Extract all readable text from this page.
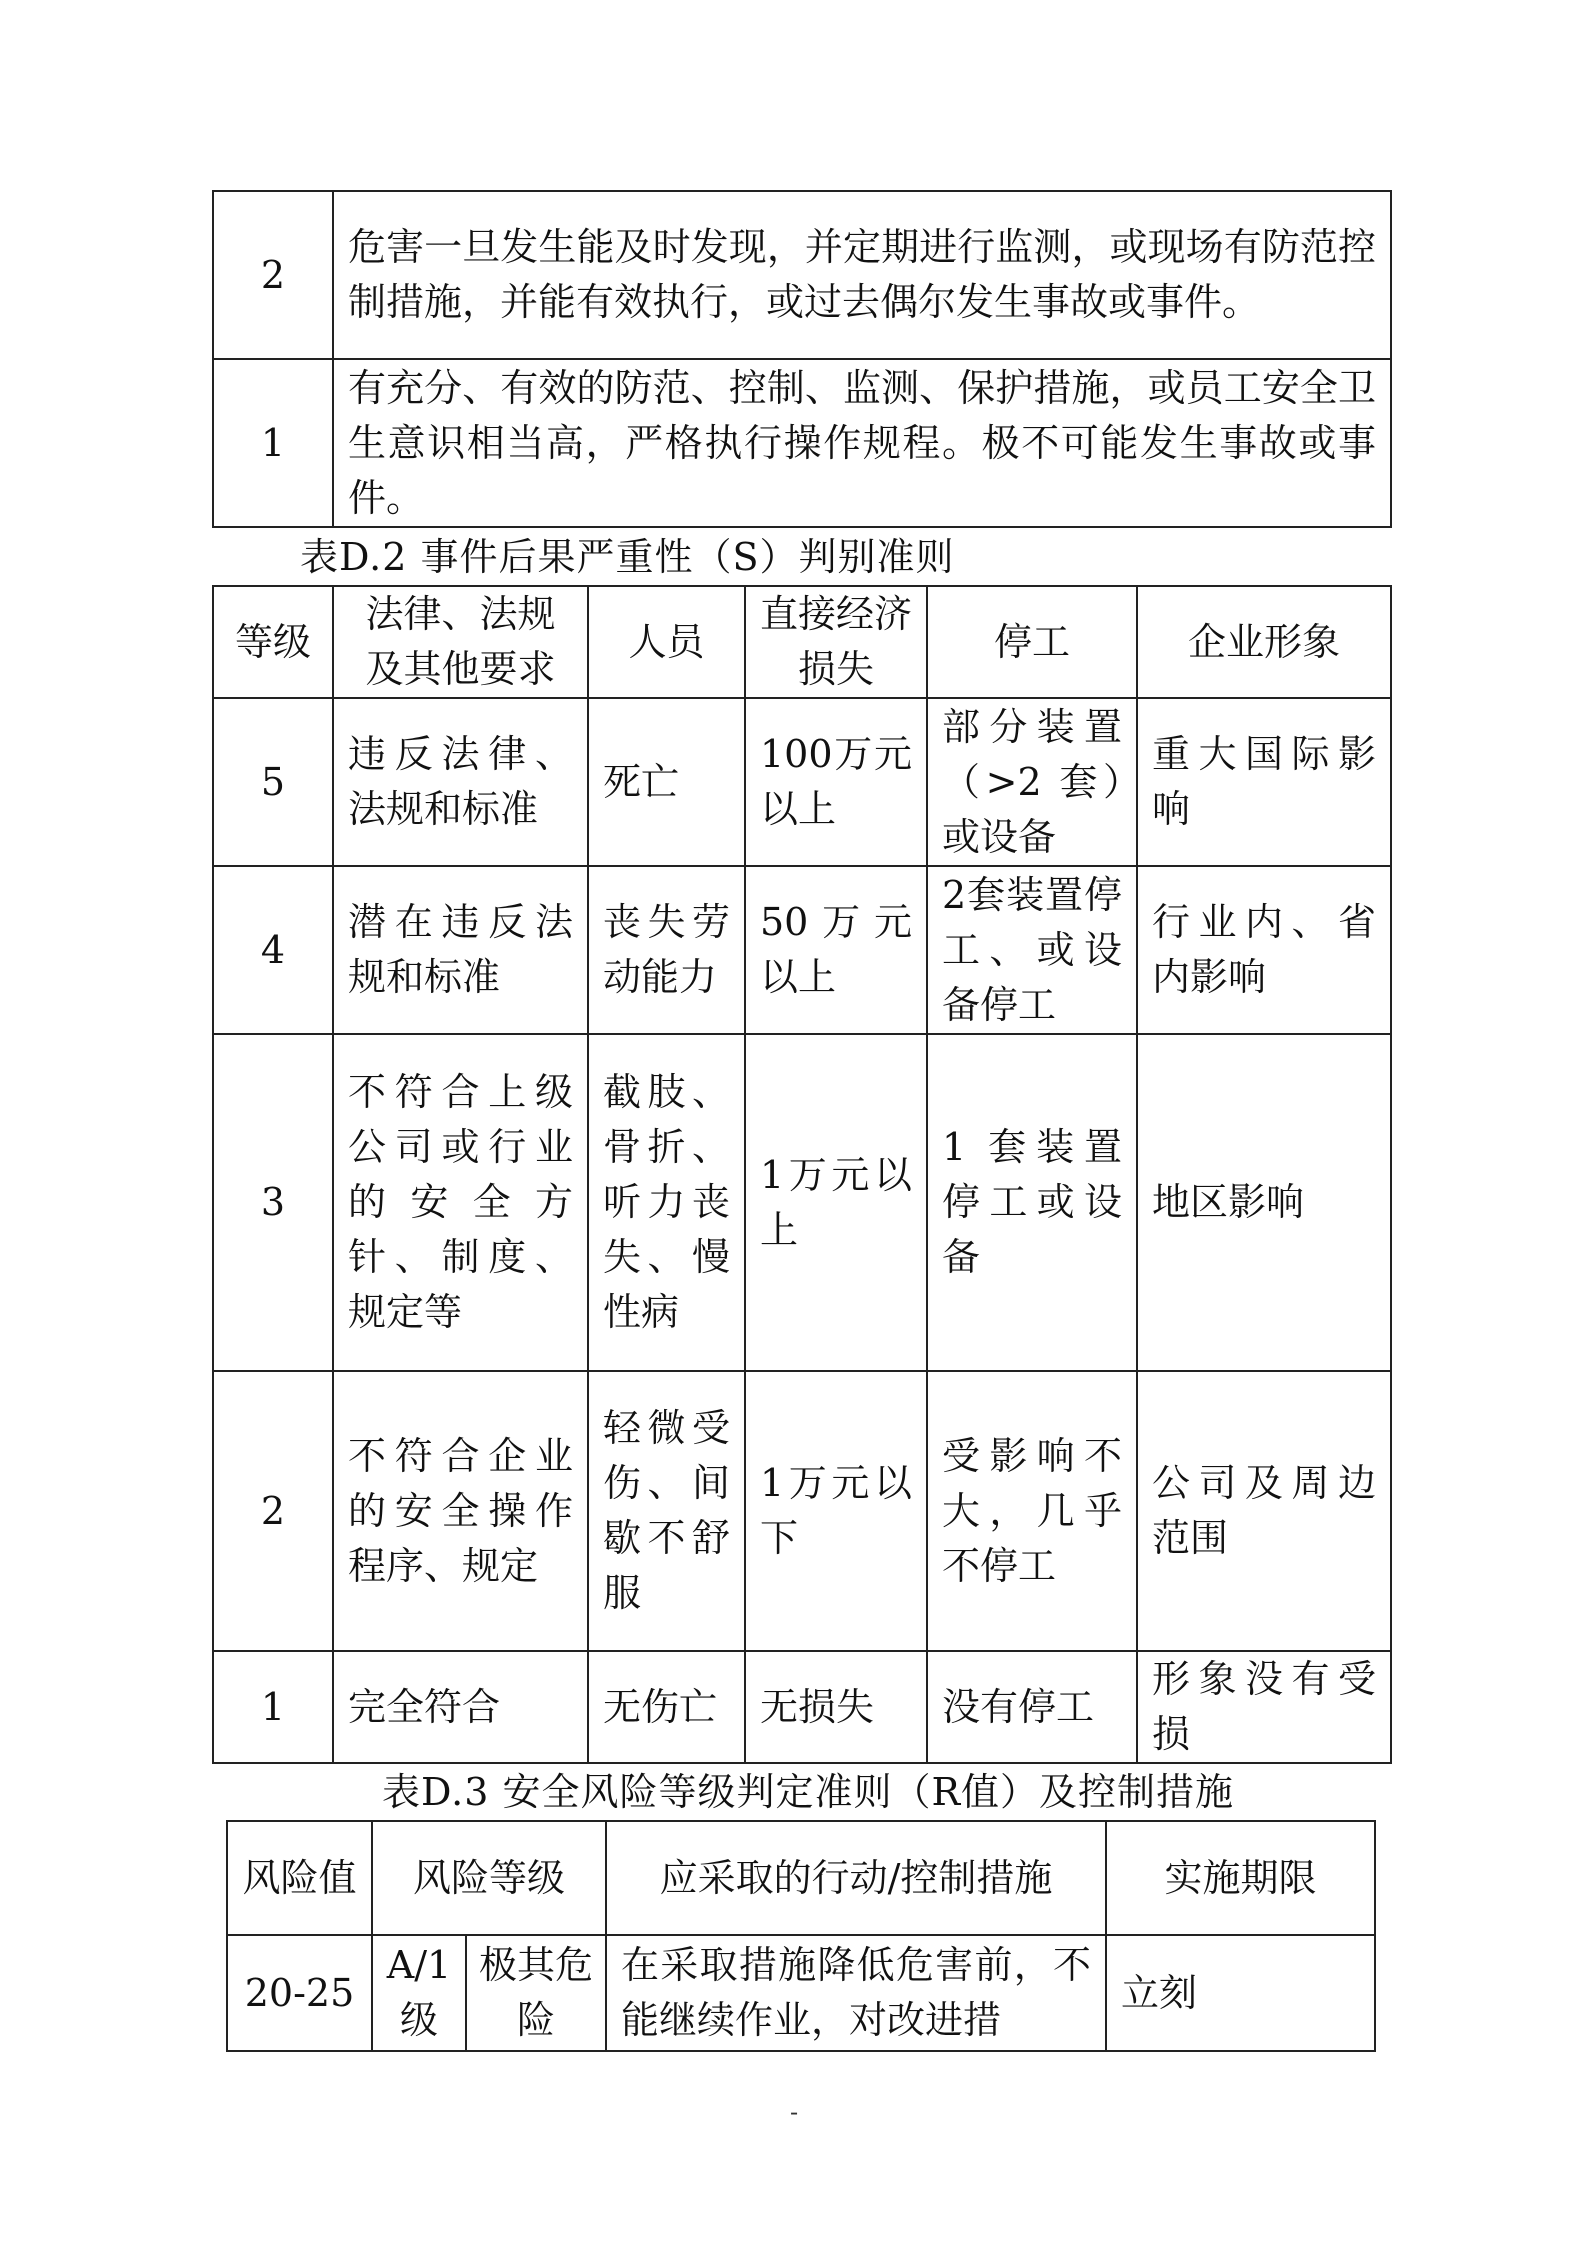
2	危害一旦发生能及时发现，并定期进行监测，或现场有防范控制措施，并能有效执行，或过去偶尔发生事故或事件。
1	有充分、有效的防范、控制、监测、保护措施，或员工安全卫生意识相当高，严格执行操作规程。极不可能发生事故或事件。
表D.2 事件后果严重性（S）判别准则
等级	法律、法规及其他要求	人员	直接经济损失	停工	企业形象
5	违反法律、法规和标准	死亡	100万元以上	部分装置（>2 套）或设备	重大国际影响
4	潜在违反法规和标准	丧失劳动能力	50万元以上	2套装置停工、或设备停工	行业内、省内影响
3	不符合上级公司或行业的安全方针、制度、规定等	截肢、骨折、听力丧失、慢性病	1万元以上	1 套装置停工或设备	地区影响
2	不符合企业的安全操作程序、规定	轻微受伤、间歇不舒服	1万元以下	受影响不大，几乎不停工	公司及周边范围
1	完全符合	无伤亡	无损失	没有停工	形象没有受损
表D.3 安全风险等级判定准则（R值）及控制措施
风险值	风险等级		应采取的行动/控制措施	实施期限
20-25	A/1级	极其危险	在采取措施降低危害前，不能继续作业，对改进措	立刻
-
